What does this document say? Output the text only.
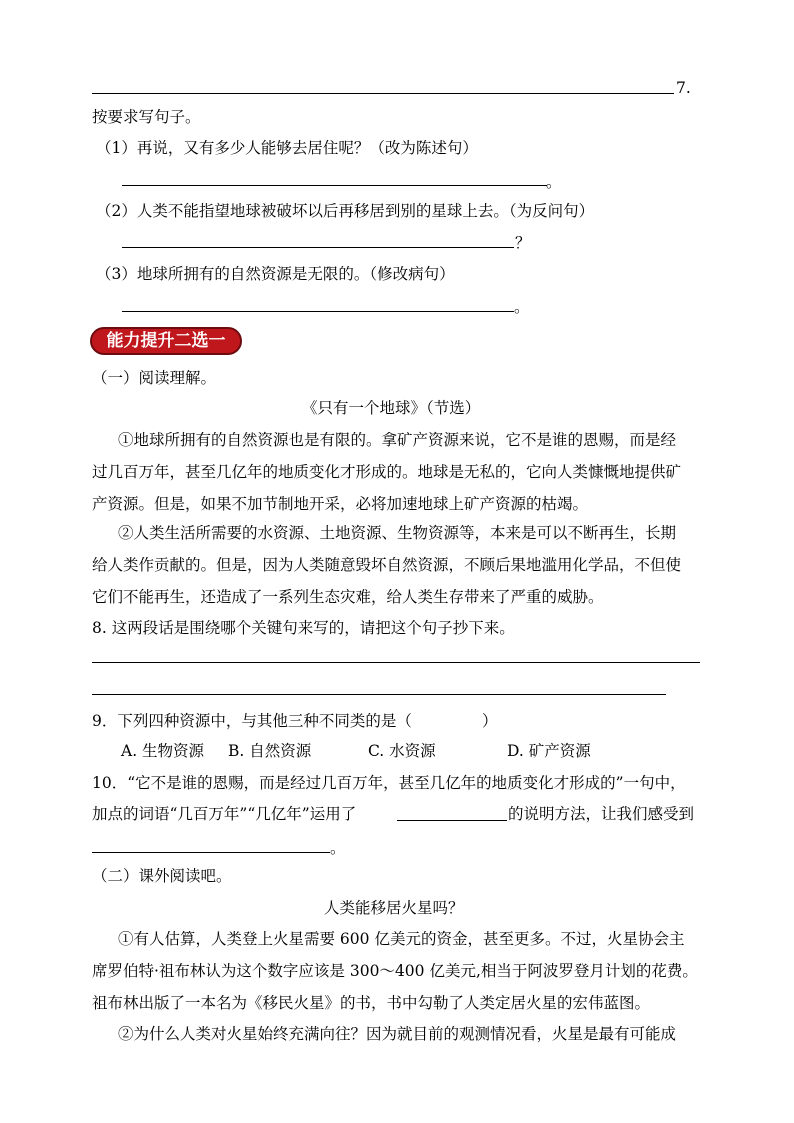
7.
按要求写句子。
（1）再说，又有多少人能够去居住呢？（改为陈述句）
。
（2）人类不能指望地球被破坏以后再移居到别的星球上去。（为反问句）
？
（3）地球所拥有的自然资源是无限的。（修改病句）
。
能力提升二选一
（一）阅读理解。
《只有一个地球》（节选）
①地球所拥有的自然资源也是有限的。拿矿产资源来说，它不是谁的恩赐，而是经
过几百万年，甚至几亿年的地质变化才形成的。地球是无私的，它向人类慷慨地提供矿
产资源。但是，如果不加节制地开采，必将加速地球上矿产资源的枯竭。
②人类生活所需要的水资源、土地资源、生物资源等，本来是可以不断再生，长期
给人类作贡献的。但是，因为人类随意毁坏自然资源，不顾后果地滥用化学品，不但使
它们不能再生，还造成了一系列生态灾难，给人类生存带来了严重的威胁。
8. 这两段话是围绕哪个关键句来写的，请把这个句子抄下来。
9．下列四种资源中，与其他三种不同类的是（	）
A. 生物资源 B. 自然资源	C. 水资源	D. 矿产资源
10．“它不是谁的恩赐，而是经过几百万年，甚至几亿年的地质变化才形成的”一句中，
加点的词语“几百万年”“几亿年”运用了	的说明方法，让我们感受到
。
（二）课外阅读吧。
人类能移居火星吗？
①有人估算，人类登上火星需要 600 亿美元的资金，甚至更多。不过，火星协会主
席罗伯特·祖布林认为这个数字应该是 300～400 亿美元,相当于阿波罗登月计划的花费。
祖布林出版了一本名为《移民火星》的书，书中勾勒了人类定居火星的宏伟蓝图。
②为什么人类对火星始终充满向往？因为就目前的观测情况看，火星是最有可能成
